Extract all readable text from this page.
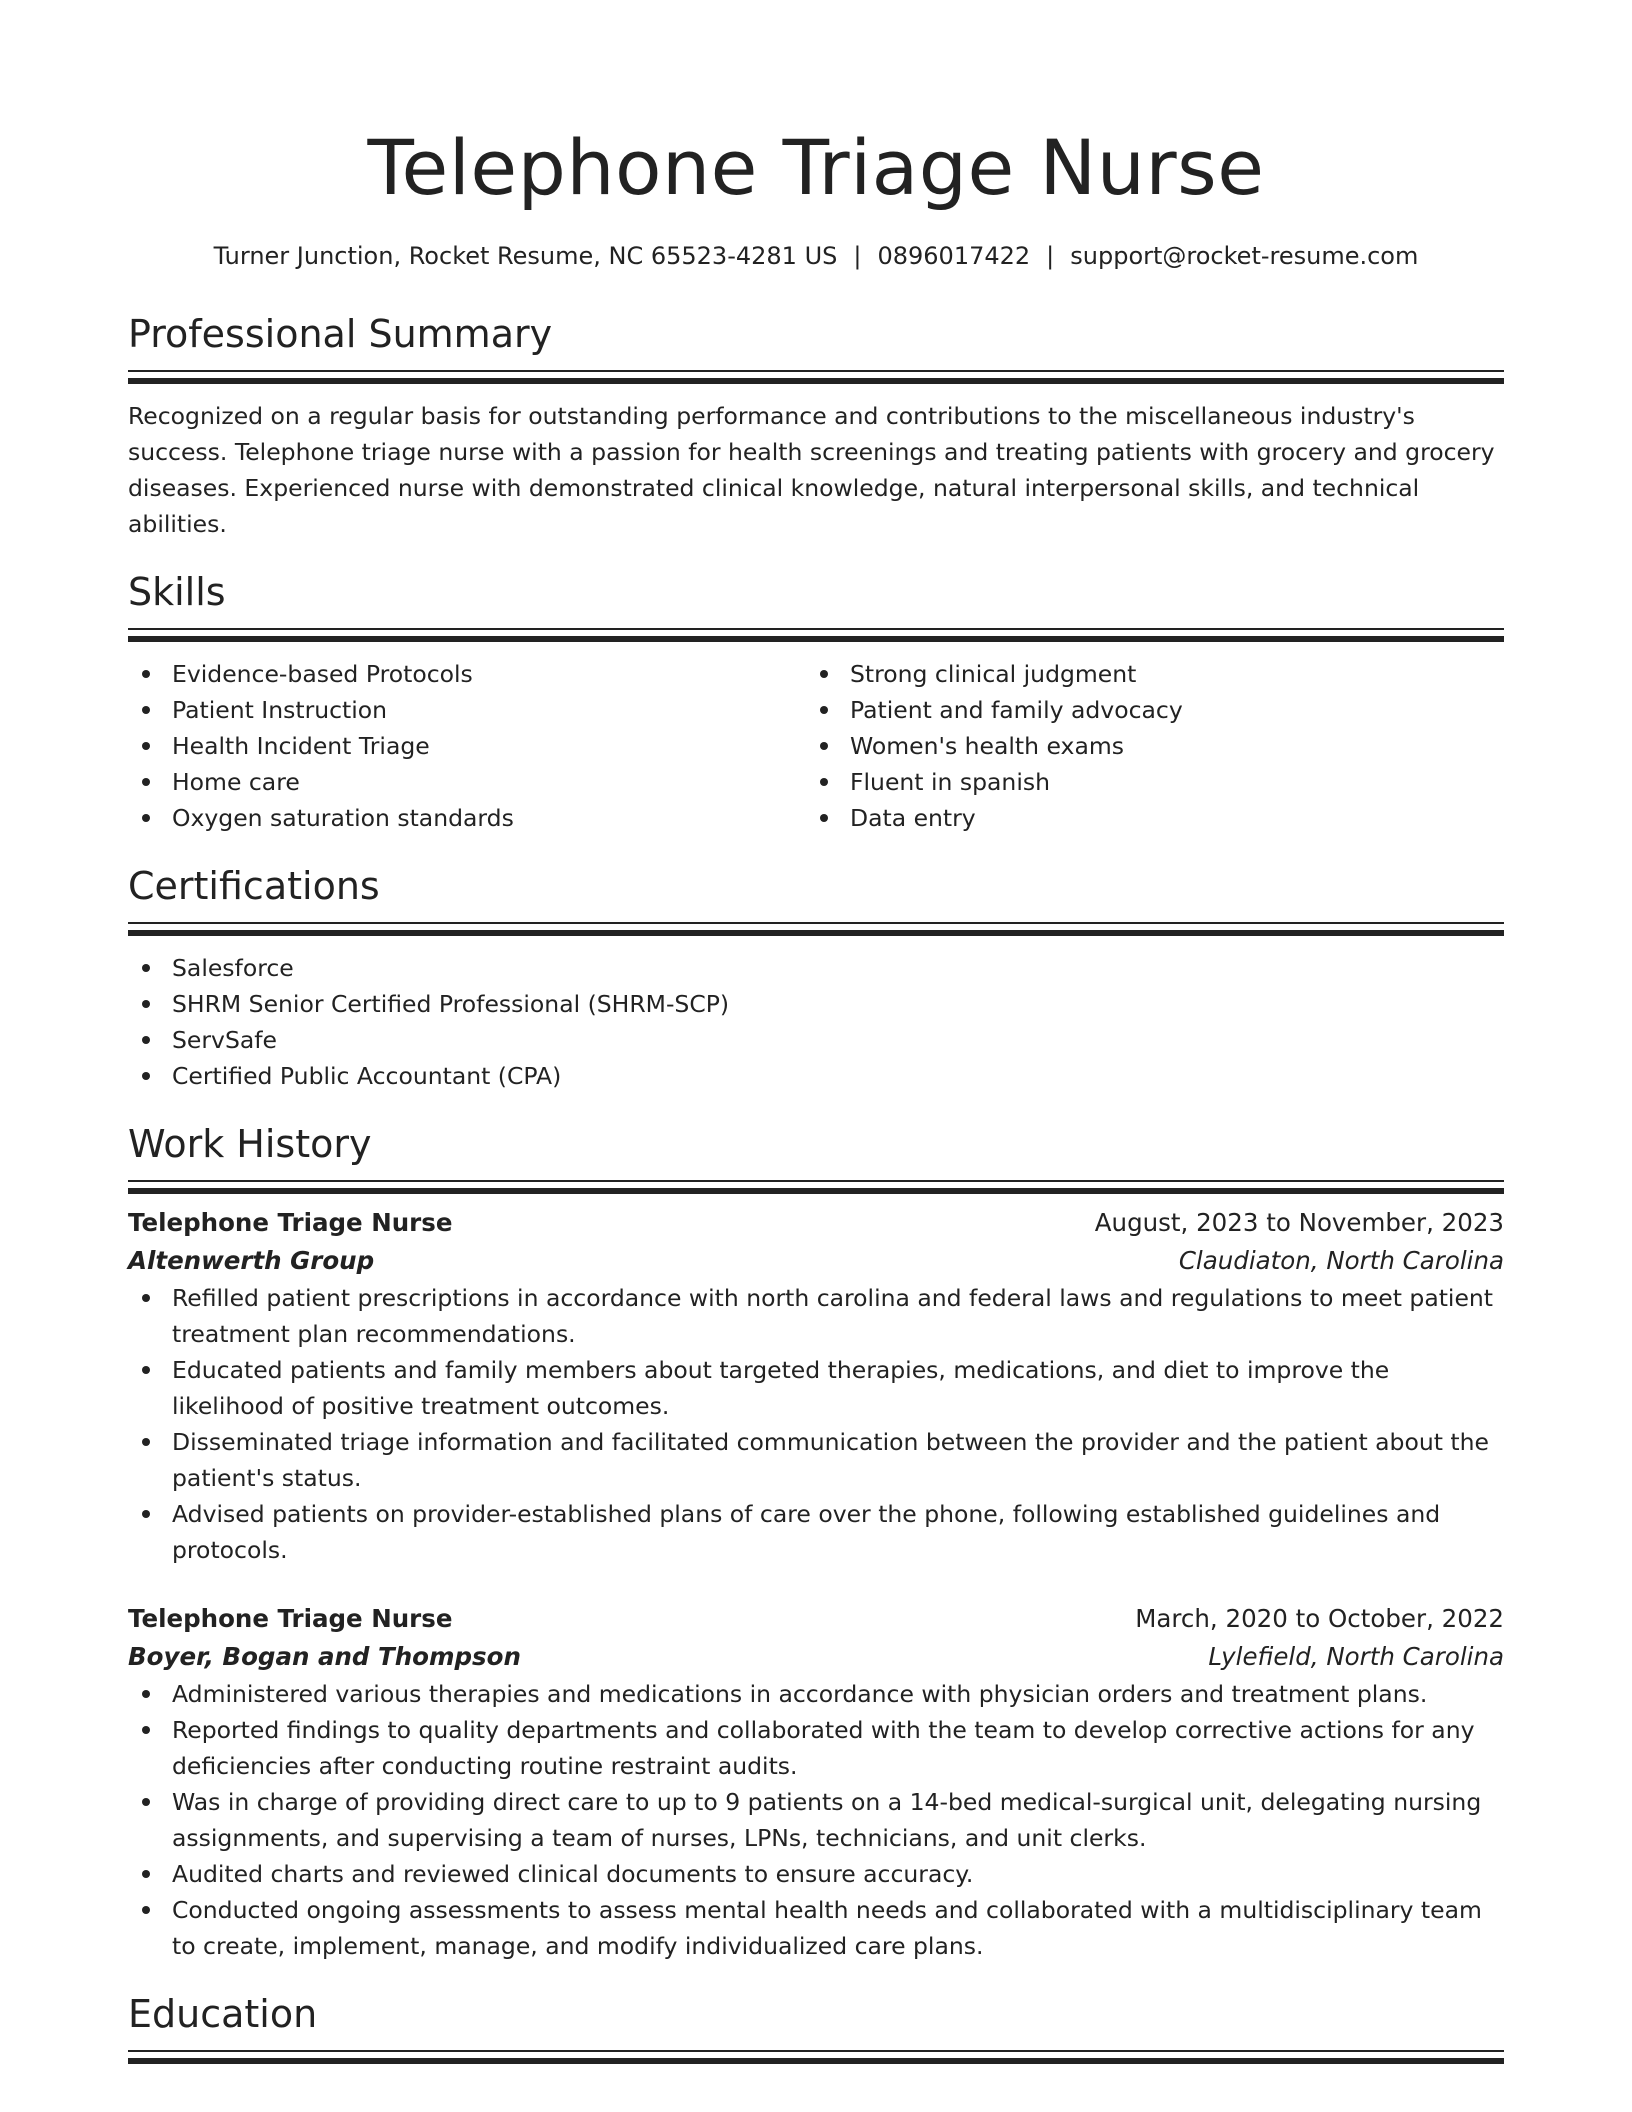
Telephone Triage Nurse
Turner Junction, Rocket Resume, NC 65523-4281 US | 0896017422 | support@rocket-resume.com
Professional Summary
Recognized on a regular basis for outstanding performance and contributions to the miscellaneous industry's success. Telephone triage nurse with a passion for health screenings and treating patients with grocery and grocery diseases. Experienced nurse with demonstrated clinical knowledge, natural interpersonal skills, and technical abilities.
Skills
Evidence-based Protocols
Patient Instruction
Health Incident Triage
Home care
Oxygen saturation standards
Strong clinical judgment
Patient and family advocacy
Women's health exams
Fluent in spanish
Data entry
Certifications
Salesforce
SHRM Senior Certified Professional (SHRM-SCP)
ServSafe
Certified Public Accountant (CPA)
Work History
Telephone Triage Nurse	August, 2023 to November, 2023
Altenwerth Group	Claudiaton, North Carolina
Refilled patient prescriptions in accordance with north carolina and federal laws and regulations to meet patient treatment plan recommendations.
Educated patients and family members about targeted therapies, medications, and diet to improve the likelihood of positive treatment outcomes.
Disseminated triage information and facilitated communication between the provider and the patient about the patient's status.
Advised patients on provider-established plans of care over the phone, following established guidelines and protocols.
Telephone Triage Nurse	March, 2020 to October, 2022
Boyer, Bogan and Thompson	Lylefield, North Carolina
Administered various therapies and medications in accordance with physician orders and treatment plans.
Reported findings to quality departments and collaborated with the team to develop corrective actions for any deficiencies after conducting routine restraint audits.
Was in charge of providing direct care to up to 9 patients on a 14-bed medical-surgical unit, delegating nursing assignments, and supervising a team of nurses, LPNs, technicians, and unit clerks.
Audited charts and reviewed clinical documents to ensure accuracy.
Conducted ongoing assessments to assess mental health needs and collaborated with a multidisciplinary team to create, implement, manage, and modify individualized care plans.
Education
